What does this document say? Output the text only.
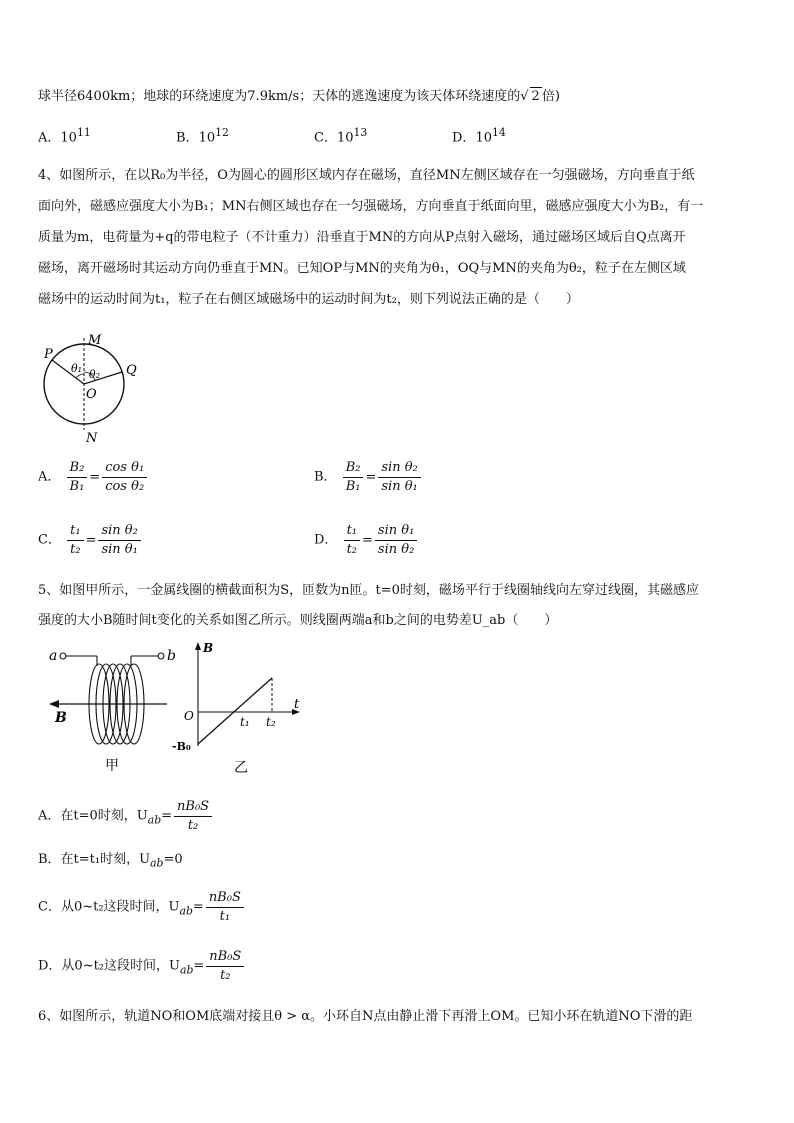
球半径6400km；地球的环绕速度为7.9km/s；天体的逃逸速度为该天体环绕速度的√ 2 倍)
A．$10^{11}$	B．$10^{12}$	C．$10^{13}$	D．$10^{14}$
4、如图所示，在以R₀为半径，O为圆心的圆形区域内存在磁场，直径MN左侧区域存在一匀强磁场，方向垂直于纸
面向外，磁感应强度大小为B₁；MN右侧区域也存在一匀强磁场，方向垂直于纸面向里，磁感应强度大小为B₂，有一
质量为m，电荷量为+q的带电粒子（不计重力）沿垂直于MN的方向从P点射入磁场，通过磁场区域后自Q点离开
磁场，离开磁场时其运动方向仍垂直于MN。已知OP与MN的夹角为θ₁，OQ与MN的夹角为θ₂，粒子在左侧区域
磁场中的运动时间为t₁，粒子在右侧区域磁场中的运动时间为t₂，则下列说法正确的是（　　）
P
M
Q
O
N
θ₁ θ₂
A． $\frac{\text{B₂}}{\text{B₁}} = \frac{\text{cos θ₁}}{\text{cos θ₂}}$	B． $\frac{\text{B₂}}{\text{B₁}} = \frac{\text{sin θ₂}}{\text{sin θ₁}}$
C． $\frac{\text{t₁}}{\text{t₂}} = \frac{\text{sin θ₂}}{\text{sin θ₁}}$	D． $\frac{\text{t₁}}{\text{t₂}} = \frac{\text{sin θ₁}}{\text{sin θ₂}}$
5、如图甲所示，一金属线圈的横截面积为S，匝数为n匝。t=0时刻，磁场平行于线圈轴线向左穿过线圈，其磁感应
强度的大小B随时间t变化的关系如图乙所示。则线圈两端a和b之间的电势差U_ab（　　）
a	b
B
甲
B
t
O	t₁ t₂
-B₀
乙
A．在t=0时刻，$U_{ab}= \frac{\text{nB₀S}}{\text{t₂}}$
B．在t=t₁时刻，$U_{ab}=0$
C．从0~t₂这段时间，$U_{ab}= \frac{\text{nB₀S}}{\text{t₁}}$
D．从0~t₂这段时间，$U_{ab}= \frac{\text{nB₀S}}{\text{t₂}}$
6、如图所示，轨道NO和OM底端对接且θ > α。小环自N点由静止滑下再滑上OM。已知小环在轨道NO下滑的距
